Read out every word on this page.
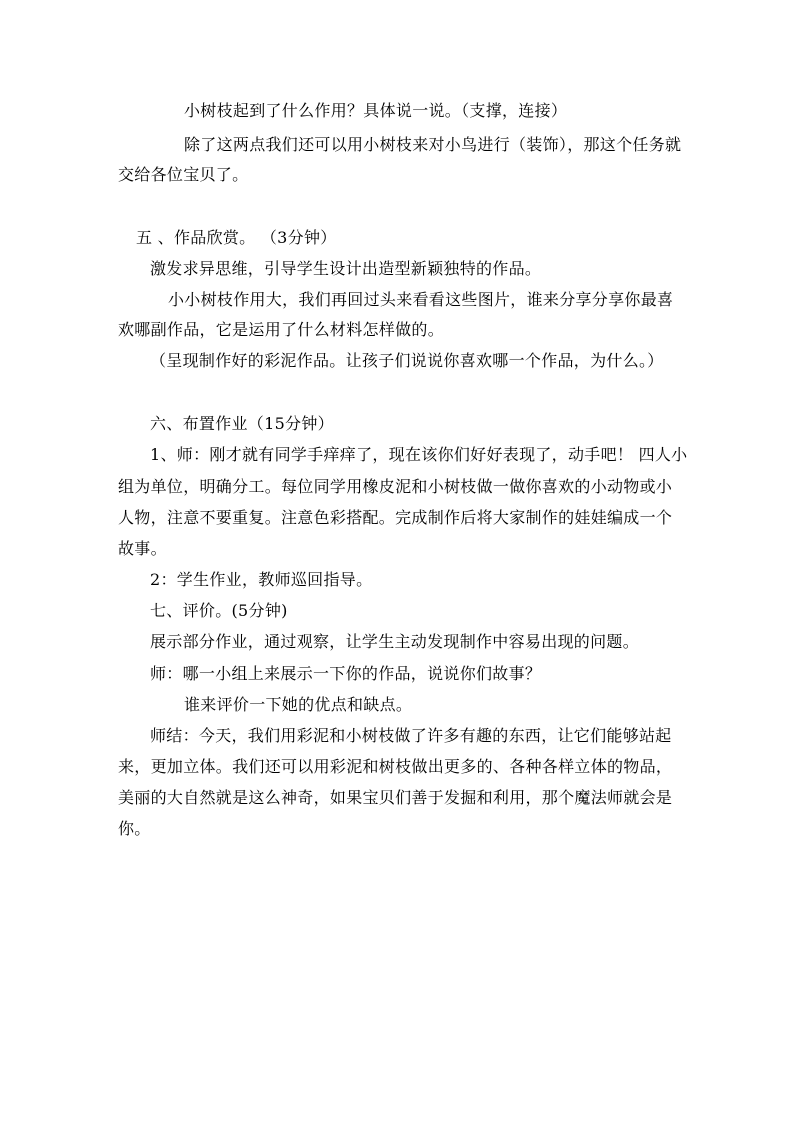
小树枝起到了什么作用？具体说一说。（支撑，连接）
除了这两点我们还可以用小树枝来对小鸟进行（装饰），那这个任务就
交给各位宝贝了。
五 、作品欣赏。 （3分钟）
激发求异思维，引导学生设计出造型新颖独特的作品。
小小树枝作用大，我们再回过头来看看这些图片，谁来分享分享你最喜
欢哪副作品，它是运用了什么材料怎样做的。
（呈现制作好的彩泥作品。让孩子们说说你喜欢哪一个作品，为什么。）
六、布置作业（15分钟）
1、师：刚才就有同学手痒痒了，现在该你们好好表现了，动手吧！ 四人小
组为单位，明确分工。每位同学用橡皮泥和小树枝做一做你喜欢的小动物或小
人物，注意不要重复。注意色彩搭配。完成制作后将大家制作的娃娃编成一个
故事。
2：学生作业，教师巡回指导。
七、评价。(5分钟)
展示部分作业，通过观察，让学生主动发现制作中容易出现的问题。
师：哪一小组上来展示一下你的作品，说说你们故事？
谁来评价一下她的优点和缺点。
师结：今天，我们用彩泥和小树枝做了许多有趣的东西，让它们能够站起
来，更加立体。我们还可以用彩泥和树枝做出更多的、各种各样立体的物品，
美丽的大自然就是这么神奇，如果宝贝们善于发掘和利用，那个魔法师就会是
你。
